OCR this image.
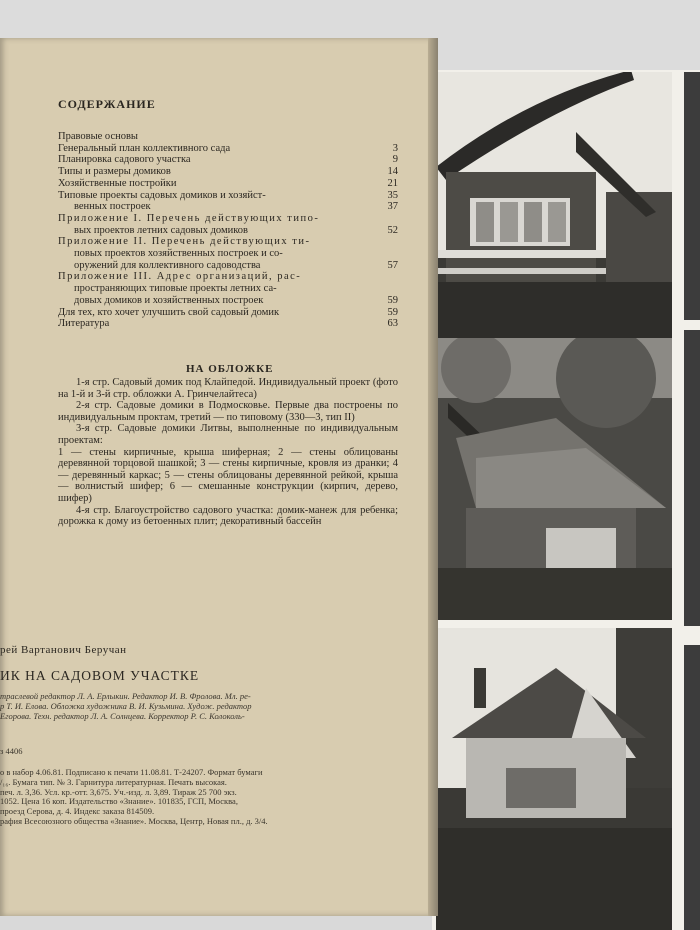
СОДЕРЖАНИЕ
Правовые основы
Генеральный план коллективного сада	3
Планировка садового участка	9
Типы и размеры домиков	14
Хозяйственные постройки	21
Типовые проекты садовых домиков и хозяйст-	35
венных построек	37
Приложение I. Перечень действующих типо-
вых проектов летних садовых домиков	52
Приложение II. Перечень действующих ти-
повых проектов хозяйственных построек и со-
оружений для коллективного садоводства	57
Приложение III. Адрес организаций, рас-
пространяющих типовые проекты летних са-
довых домиков и хозяйственных построек	59
Для тех, кто хочет улучшить свой садовый домик	59
Литература	63
НА ОБЛОЖКЕ

1-я стр. Садовый домик под Клайпедой. Индивидуальный проект (фото на 1-й и 3-й стр. обложки А. Гринчелайтеса)

2-я стр. Садовые домики в Подмосковье. Первые два построены по индивидуальным проктам, третий — по типовому (330—3, тип II)

3-я стр. Садовые домики Литвы, выполненные по индивидуальным проектам:

1 — стены кирпичные, крыша шиферная; 2 — стены облицованы деревянной торцовой шашкой; 3 — стены кирпичные, кровля из дранки; 4 — деревянный каркас; 5 — стены облицованы деревянной рейкой, крыша — волнистый шифер; 6 — смешанные конструкции (кирпич, дерево, шифер)

4-я стр. Благоустройство садового участка: домик-манеж для ребенка; дорожка к дому из бетоенных плит; декоративный бассейн

рей Вартанович Беручан
ИК НА САДОВОМ УЧАСТКЕ
траслевой редактор Л. А. Ерлыкин. Редактор И. В. Фролова. Мл. ре-
р Т. И. Елова. Обложка художника В. И. Кузьмина. Худож. редактор
Егорова. Техн. редактор Л. А. Солнцева. Корректор Р. С. Колоколь-
з 4406
о в набор 4.06.81. Подписано к печати 11.08.81. Т-24207. Формат бумаги
/₁₆. Бумага тип. № 3. Гарнитура литературная. Печать высокая.
печ. л. 3,36. Усл. кр.-отт. 3,675. Уч.-изд. л. 3,89. Тираж 25 700 экз.
1052. Цена 16 коп. Издательство «Знание». 101835, ГСП, Москва,
проезд Серова, д. 4. Индекс заказа 814509.
рафия Всесоюзного общества «Знание». Москва, Центр, Новая пл., д. 3/4.
